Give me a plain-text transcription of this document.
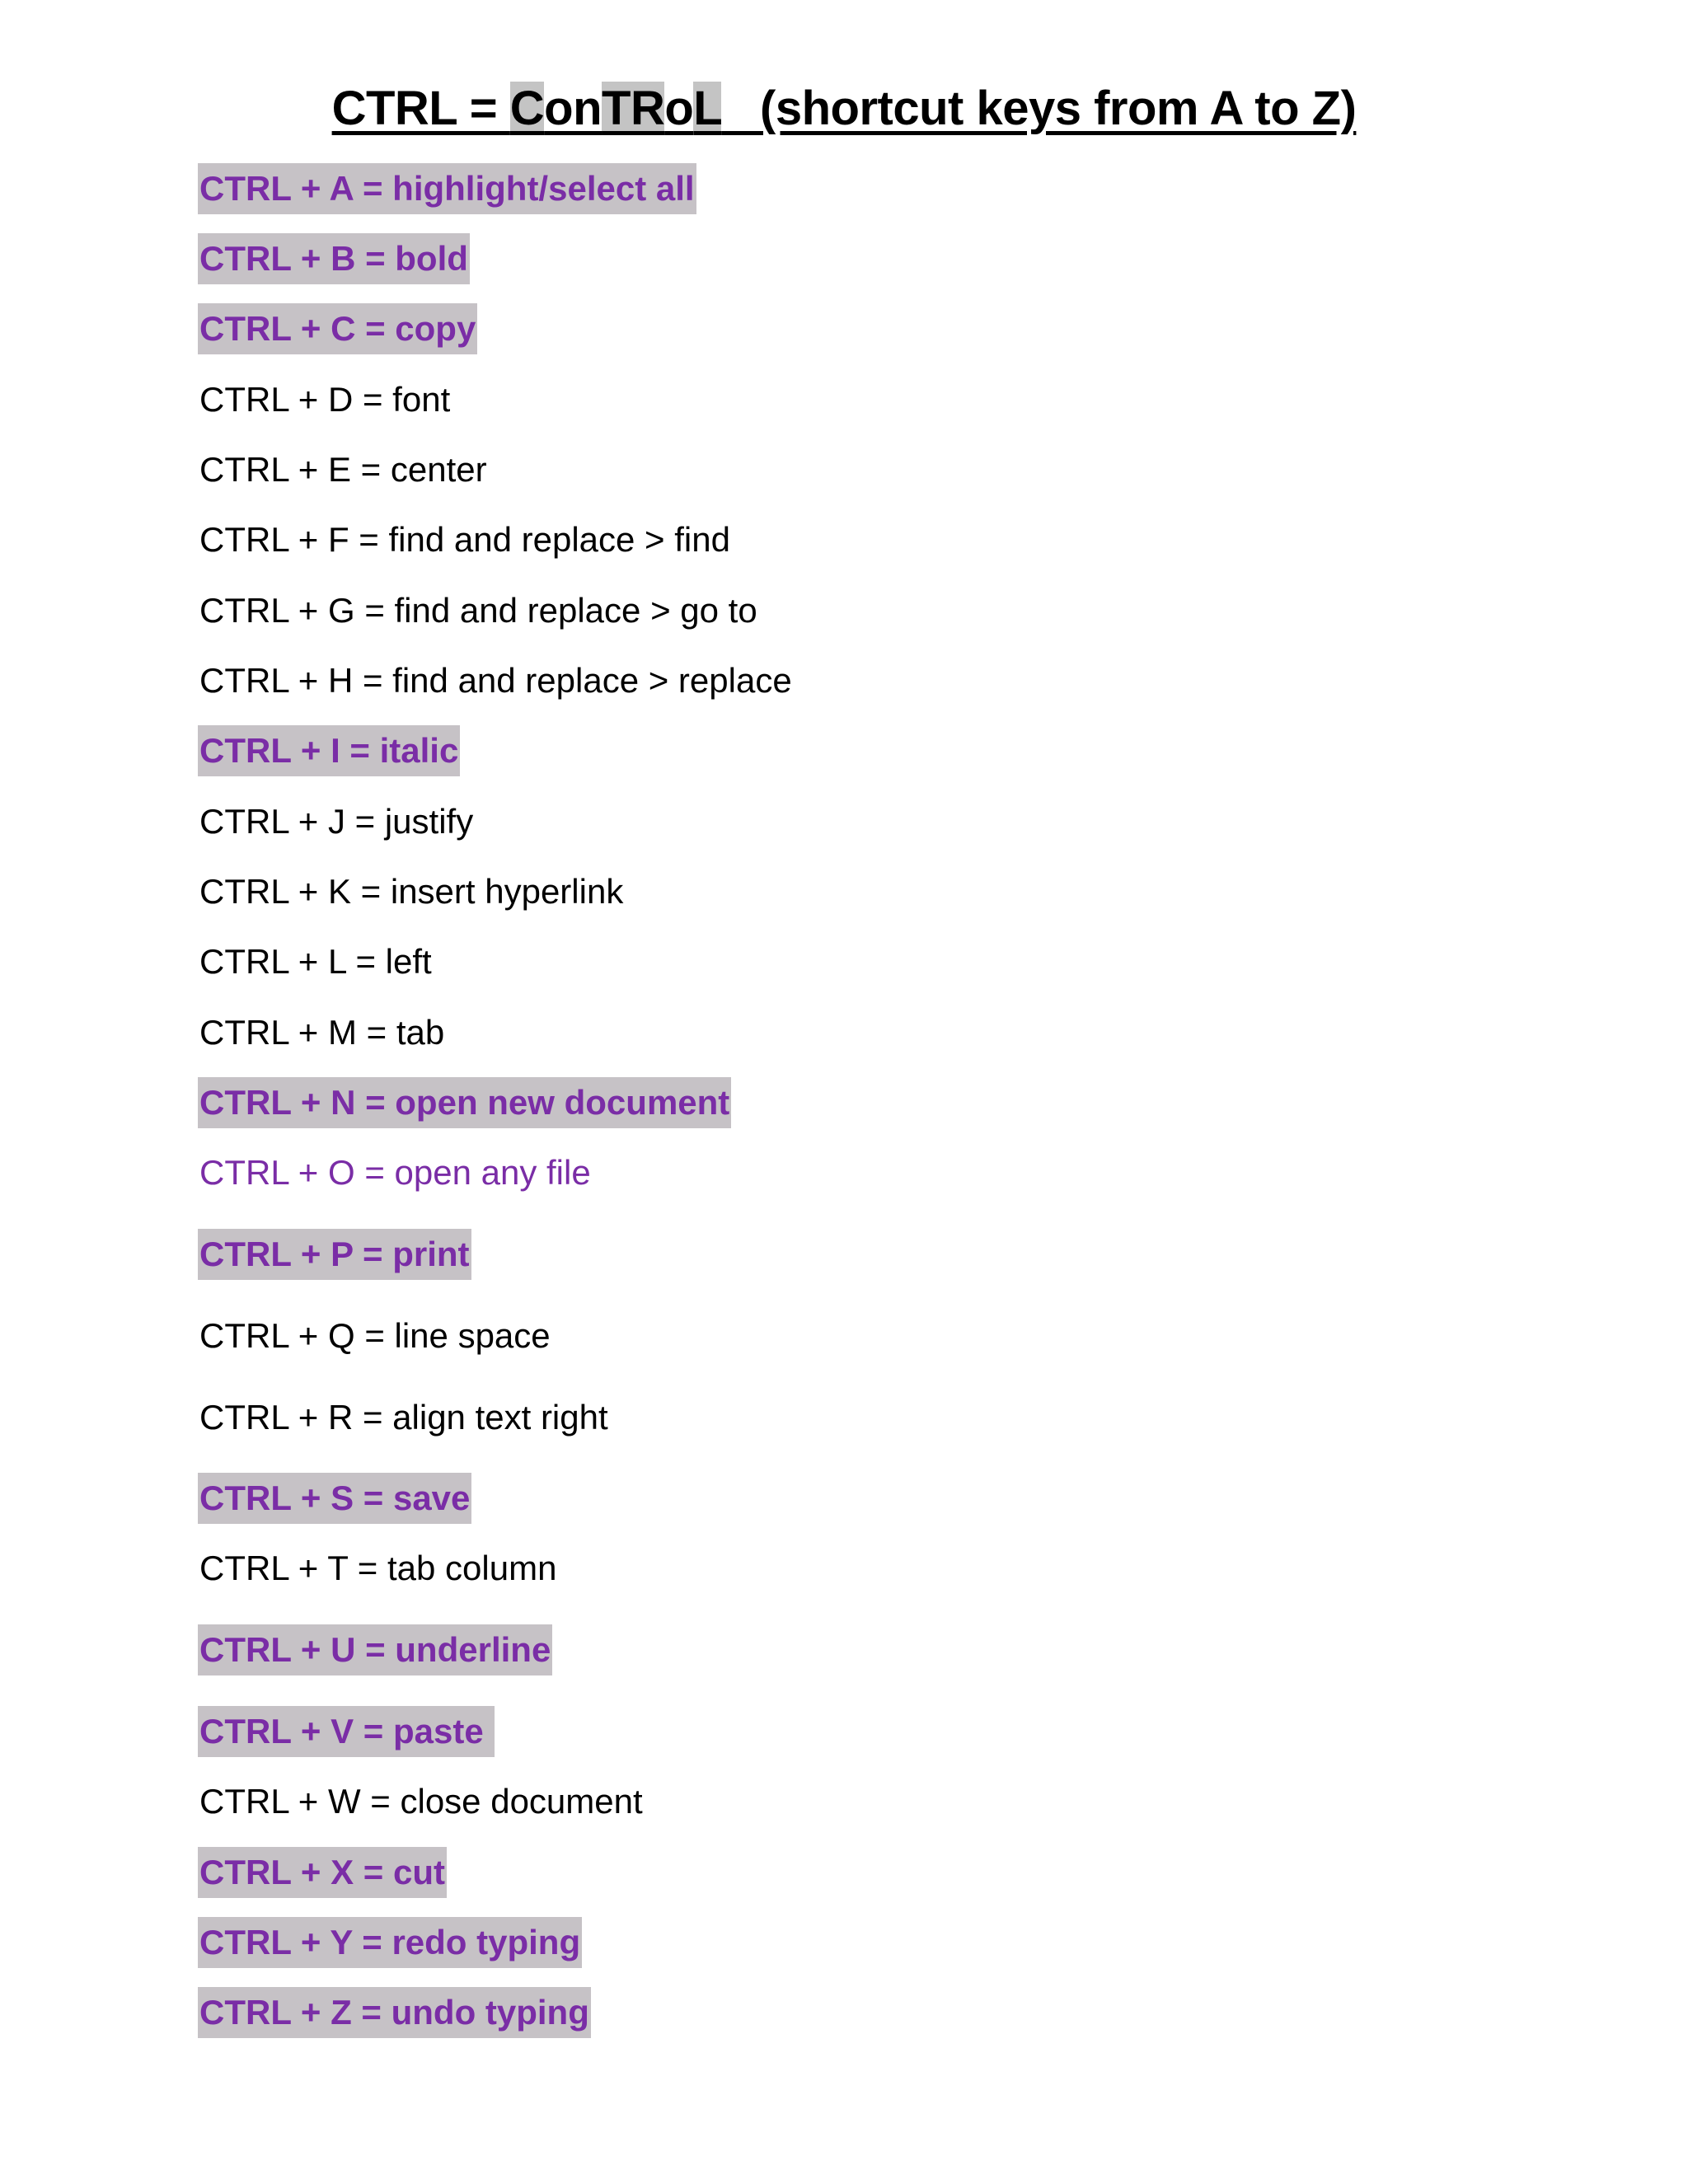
CTRL = ConTRoL   (shortcut keys from A to Z)
CTRL + A = highlight/select all
CTRL + B = bold
CTRL + C = copy
CTRL + D = font
CTRL + E = center
CTRL + F = find and replace > find
CTRL + G = find and replace > go to
CTRL + H = find and replace > replace
CTRL + I = italic
CTRL + J = justify
CTRL + K = insert hyperlink
CTRL + L = left
CTRL + M = tab
CTRL + N = open new document
CTRL + O = open any file
CTRL + P = print
CTRL + Q = line space
CTRL + R = align text right
CTRL + S = save
CTRL + T = tab column
CTRL + U = underline
CTRL + V = paste
CTRL + W = close document
CTRL + X = cut
CTRL + Y = redo typing
CTRL + Z = undo typing
